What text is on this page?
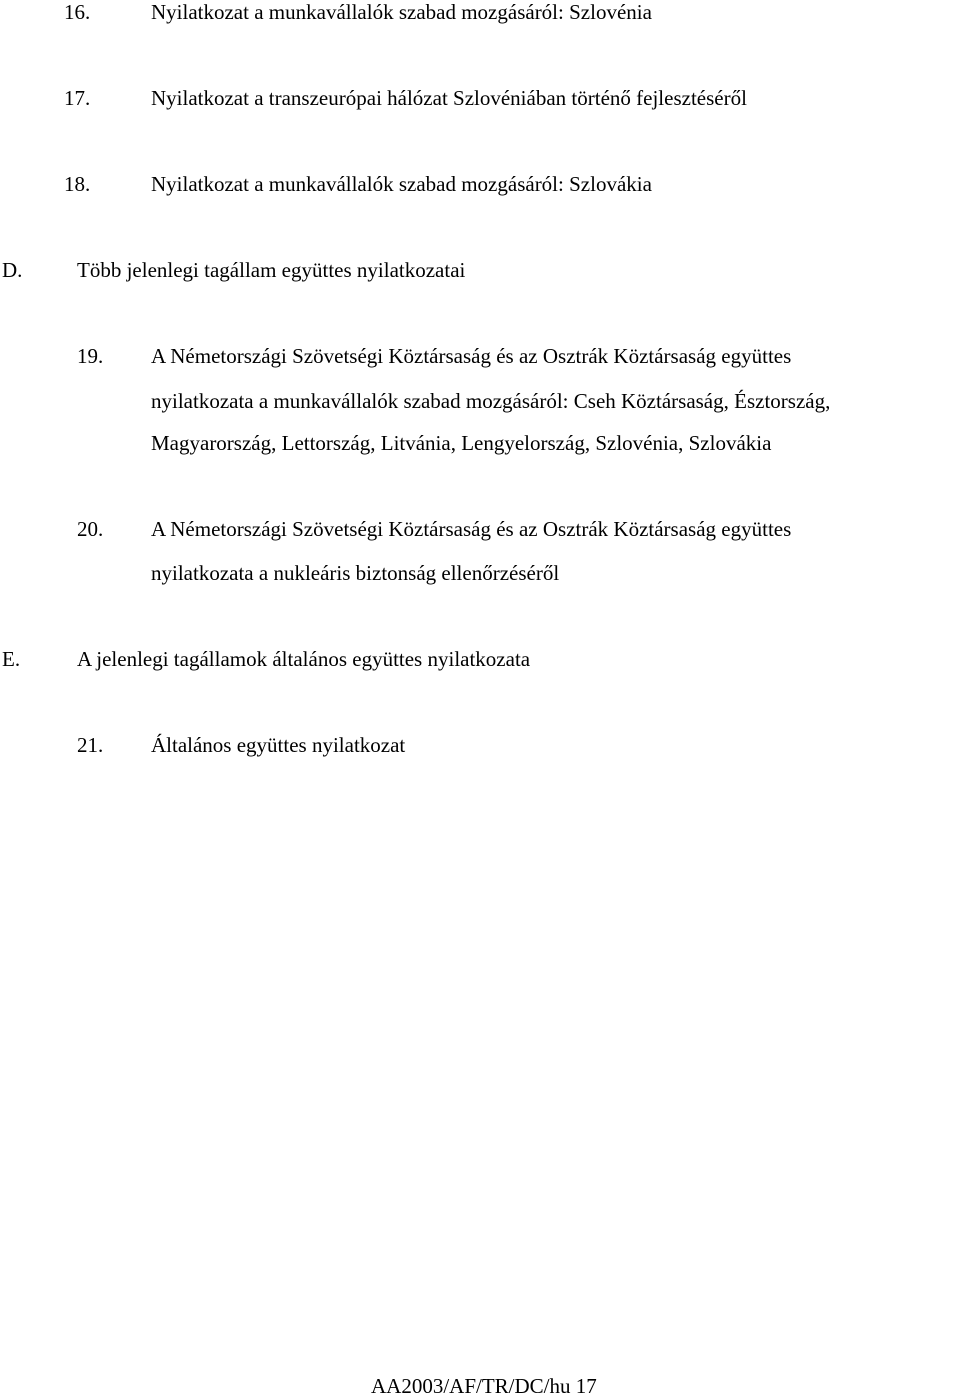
16.	Nyilatkozat a munkavállalók szabad mozgásáról: Szlovénia
17.	Nyilatkozat a transzeurópai hálózat Szlovéniában történő fejlesztéséről
18.	Nyilatkozat a munkavállalók szabad mozgásáról: Szlovákia
D.	Több jelenlegi tagállam együttes nyilatkozatai
19. A Németországi Szövetségi Köztársaság és az Osztrák Köztársaság együttes
nyilatkozata a munkavállalók szabad mozgásáról: Cseh Köztársaság, Észtország,
Magyarország, Lettország, Litvánia, Lengyelország, Szlovénia, Szlovákia
20. A Németországi Szövetségi Köztársaság és az Osztrák Köztársaság együttes
nyilatkozata a nukleáris biztonság ellenőrzéséről
E.	A jelenlegi tagállamok általános együttes nyilatkozata
21. Általános együttes nyilatkozat
AA2003/AF/TR/DC/hu 17
